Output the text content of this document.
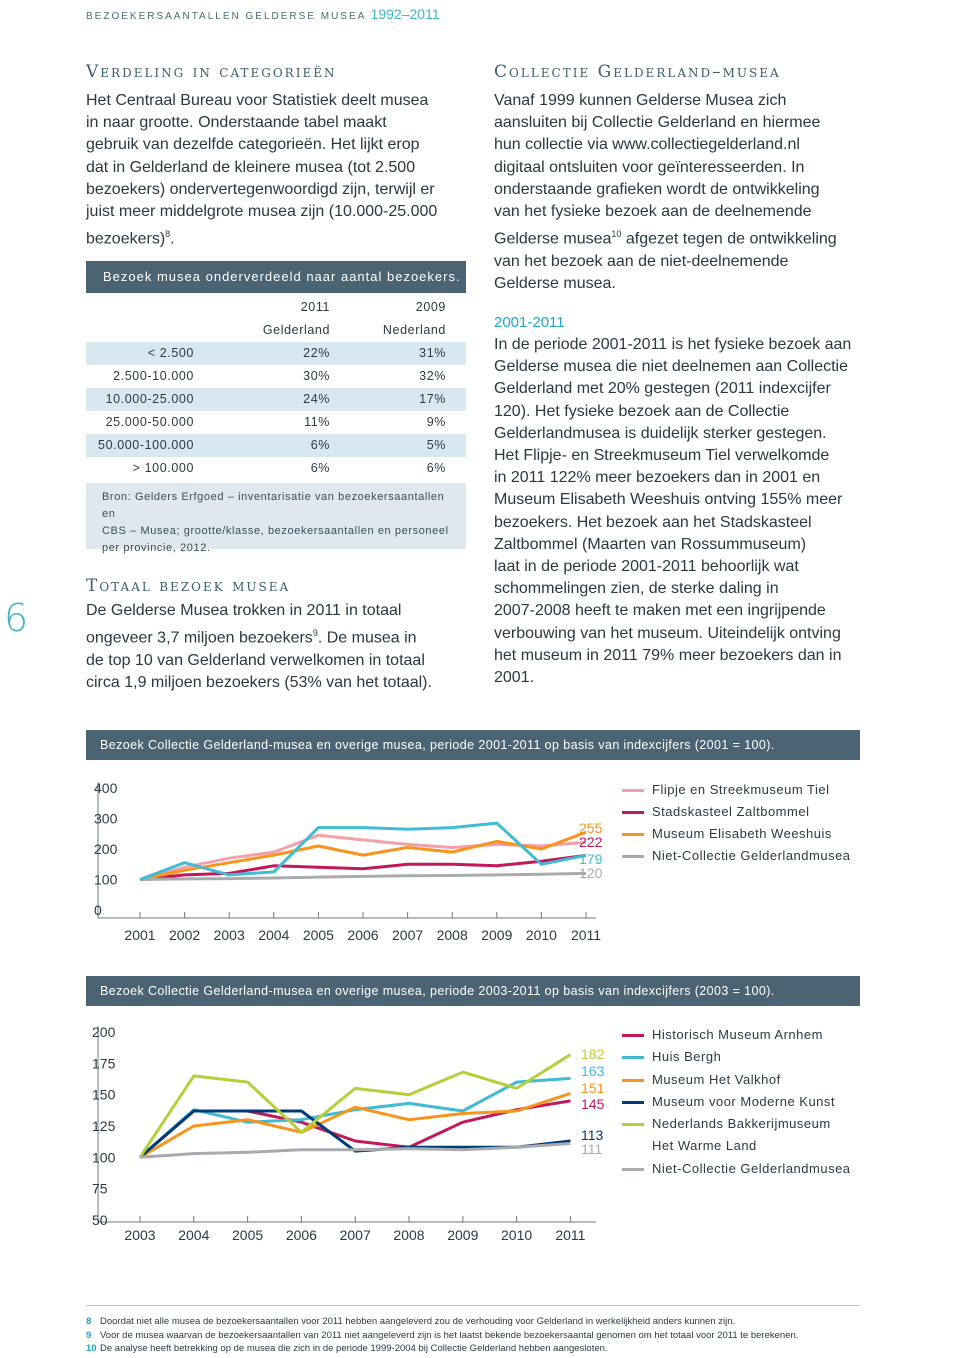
BEZOEKERSAANTALLEN GELDERSE MUSEA 1992–2011
6
Verdeling in categorieën

Het Centraal Bureau voor Statistiek deelt musea
in naar grootte. Onderstaande tabel maakt
gebruik van dezelfde categorieën. Het lijkt erop
dat in Gelderland de kleinere musea (tot 2.500
bezoekers) ondervertegenwoordigd zijn, terwijl er
juist meer middelgrote musea zijn (10.000-25.000
bezoekers)$^8$.

Bezoek musea onderverdeeld naar aantal bezoekers.
2011	2009
Gelderland	Nederland
< 2.500	22%	31%
2.500-10.000	30%	32%
10.000-25.000	24%	17%
25.000-50.000	11%	9%
50.000-100.000	6%	5%
> 100.000	6%	6%
Bron: Gelders Erfgoed – inventarisatie van bezoekersaantallen en
CBS – Musea; grootte/klasse, bezoekersaantallen en personeel
per provincie, 2012.
Totaal bezoek musea

De Gelderse Musea trokken in 2011 in totaal
ongeveer 3,7 miljoen bezoekers$^9$. De musea in
de top 10 van Gelderland verwelkomen in totaal
circa 1,9 miljoen bezoekers (53% van het totaal).

Collectie Gelderland–musea

Vanaf 1999 kunnen Gelderse Musea zich
aansluiten bij Collectie Gelderland en hiermee
hun collectie via www.collectiegelderland.nl
digitaal ontsluiten voor geïnteresseerden. In
onderstaande grafieken wordt de ontwikkeling
van het fysieke bezoek aan de deelnemende
Gelderse musea$^{10}$ afgezet tegen de ontwikkeling
van het bezoek aan de niet-deelnemende
Gelderse musea.

2001-2011

In de periode 2001-2011 is het fysieke bezoek aan
Gelderse musea die niet deelnemen aan Collectie
Gelderland met 20% gestegen (2011 indexcijfer
120). Het fysieke bezoek aan de Collectie
Gelderlandmusea is duidelijk sterker gestegen.
Het Flipje- en Streekmuseum Tiel verwelkomde
in 2011 122% meer bezoekers dan in 2001 en
Museum Elisabeth Weeshuis ontving 155% meer
bezoekers. Het bezoek aan het Stadskasteel
Zaltbommel (Maarten van Rossummuseum)
laat in de periode 2001-2011 behoorlijk wat
schommelingen zien, de sterke daling in
2007-2008 heeft te maken met een ingrijpende
verbouwing van het museum. Uiteindelijk ontving
het museum in 2011 79% meer bezoekers dan in
2001.

Bezoek Collectie Gelderland-musea en overige musea, periode 2001-2011 op basis van indexcijfers (2001 = 100).
0
100
200
300
400
2001 2002 2003 2004 2005 2006 2007 2008 2009 2010 2011
255
222
179
120
Flipje en Streekmuseum Tiel
Stadskasteel Zaltbommel
Museum Elisabeth Weeshuis
Niet-Collectie Gelderlandmusea
Bezoek Collectie Gelderland-musea en overige musea, periode 2003-2011 op basis van indexcijfers (2003 = 100).
50
75
100
125
150
175
200
2003 2004 2005 2006 2007 2008 2009 2010 2011
182
163
151
145
113
111
Historisch Museum Arnhem
Huis Bergh
Museum Het Valkhof
Museum voor Moderne Kunst
Nederlands Bakkerijmuseum
Het Warme Land
Niet-Collectie Gelderlandmusea
8 Doordat niet alle musea de bezoekersaantallen voor 2011 hebben aangeleverd zou de verhouding voor Gelderland in werkelijkheid anders kunnen zijn.
9 Voor de musea waarvan de bezoekersaantallen van 2011 niet aangeleverd zijn is het laatst bekende bezoekersaantal genomen om het totaal voor 2011 te berekenen.
10 De analyse heeft betrekking op de musea die zich in de periode 1999-2004 bij Collectie Gelderland hebben aangesloten.
